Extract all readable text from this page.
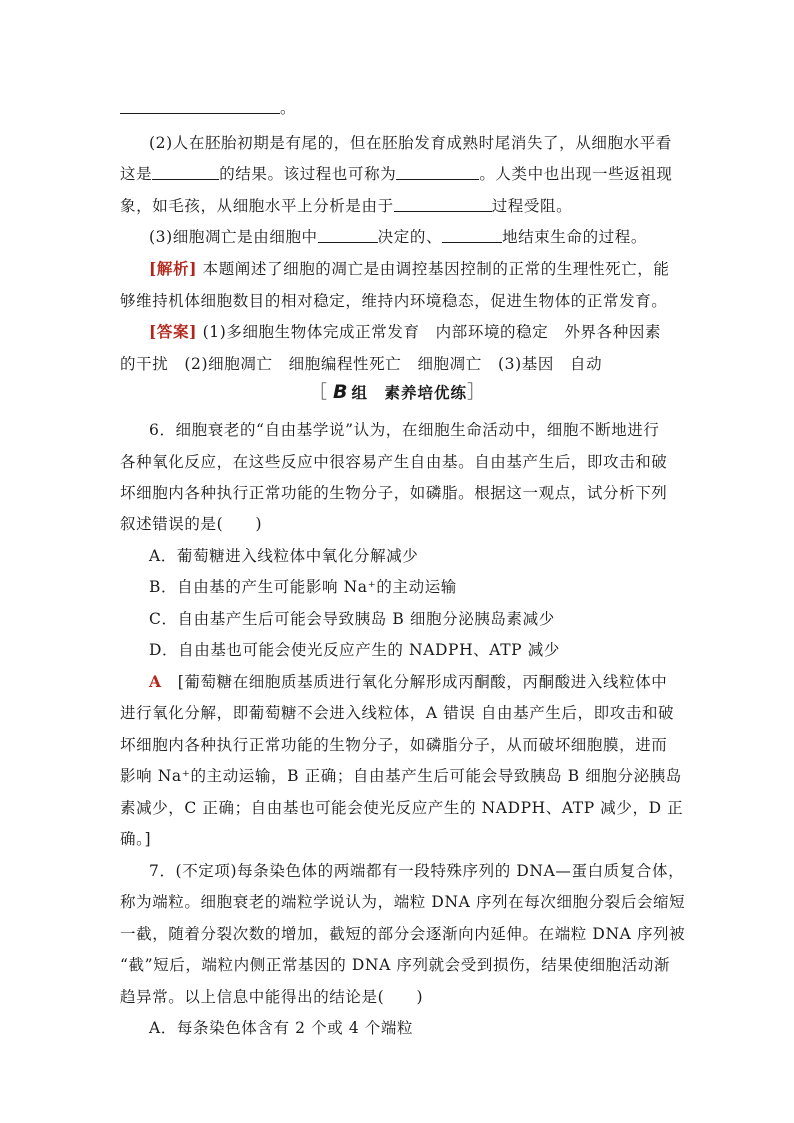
。
(2)人在胚胎初期是有尾的，但在胚胎发育成熟时尾消失了，从细胞水平看
这是	的结果。该过程也可称为	。人类中也出现一些返祖现
象，如毛孩，从细胞水平上分析是由于	过程受阻。
(3)细胞凋亡是由细胞中	决定的、	地结束生命的过程。
[解析] 本题阐述了细胞的凋亡是由调控基因控制的正常的生理性死亡，能
够维持机体细胞数目的相对稳定，维持内环境稳态，促进生物体的正常发育。
[答案] (1)多细胞生物体完成正常发育　内部环境的稳定　外界各种因素
的干扰　(2)细胞凋亡　细胞编程性死亡　细胞凋亡　(3)基因　自动
［ B 组　素养培优练］
6．细胞衰老的“自由基学说”认为，在细胞生命活动中，细胞不断地进行
各种氧化反应，在这些反应中很容易产生自由基。自由基产生后，即攻击和破
坏细胞内各种执行正常功能的生物分子，如磷脂。根据这一观点，试分析下列
叙述错误的是(　　)
A．葡萄糖进入线粒体中氧化分解减少
B．自由基的产生可能影响 Na⁺的主动运输
C．自由基产生后可能会导致胰岛 B 细胞分泌胰岛素减少
D．自由基也可能会使光反应产生的 NADPH、ATP 减少
A　[葡萄糖在细胞质基质进行氧化分解形成丙酮酸，丙酮酸进入线粒体中
进行氧化分解，即葡萄糖不会进入线粒体，A 错误 自由基产生后，即攻击和破
坏细胞内各种执行正常功能的生物分子，如磷脂分子，从而破坏细胞膜，进而
影响 Na⁺的主动运输，B 正确；自由基产生后可能会导致胰岛 B 细胞分泌胰岛
素减少，C 正确；自由基也可能会使光反应产生的 NADPH、ATP 减少，D 正
确。]
7．(不定项)每条染色体的两端都有一段特殊序列的 DNA—蛋白质复合体，
称为端粒。细胞衰老的端粒学说认为，端粒 DNA 序列在每次细胞分裂后会缩短
一截，随着分裂次数的增加，截短的部分会逐渐向内延伸。在端粒 DNA 序列被
“截”短后，端粒内侧正常基因的 DNA 序列就会受到损伤，结果使细胞活动渐
趋异常。以上信息中能得出的结论是(　　)
A．每条染色体含有 2 个或 4 个端粒
